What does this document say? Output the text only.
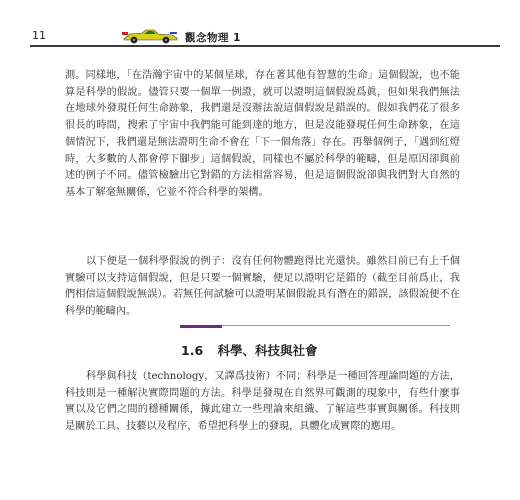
11	觀念物理 1

測。同樣地，「在浩瀚宇宙中的某個星球，存在著其他有智慧的生命」這個假說，也不能算是科學的假說。儘管只要一個單一例證，就可以證明這個假說爲眞，但如果我們無法在地球外發現任何生命跡象，我們還是沒辦法說這個假說是錯誤的。假如我們花了很多很長的時間，搜索了宇宙中我們能可能到達的地方，但是沒能發現任何生命跡象，在這個情況下，我們還是無法證明生命不會在「下一個角落」存在。再舉個例子，「遇到紅燈時，大多數的人都會停下腳步」這個假說，同樣也不屬於科學的範疇，但是原因卻與前述的例子不同。儘管檢驗出它對錯的方法相當容易，但是這個假說卻與我們對大自然的基本了解毫無關係，它並不符合科學的架構。

以下便是一個科學假說的例子：沒有任何物體跑得比光還快。雖然目前已有上千個實驗可以支持這個假說，但是只要一個實驗，便足以證明它是錯的（截至目前爲止，我們相信這個假說無誤）。若無任何試驗可以證明某個假說具有潛在的錯誤，該假說便不在科學的範疇內。

1.6 科學、科技與社會

科學與科技（technology，又譯爲技術）不同；科學是一種回答理論問題的方法，科技則是一種解決實際問題的方法。科學是發現在自然界可觀測的現象中，有些什麼事實以及它們之間的穩種關係，據此建立一些理論來組織、了解這些事實與關係。科技則是關於工具、技藝以及程序，希望把科學上的發現，具體化成實際的應用。
